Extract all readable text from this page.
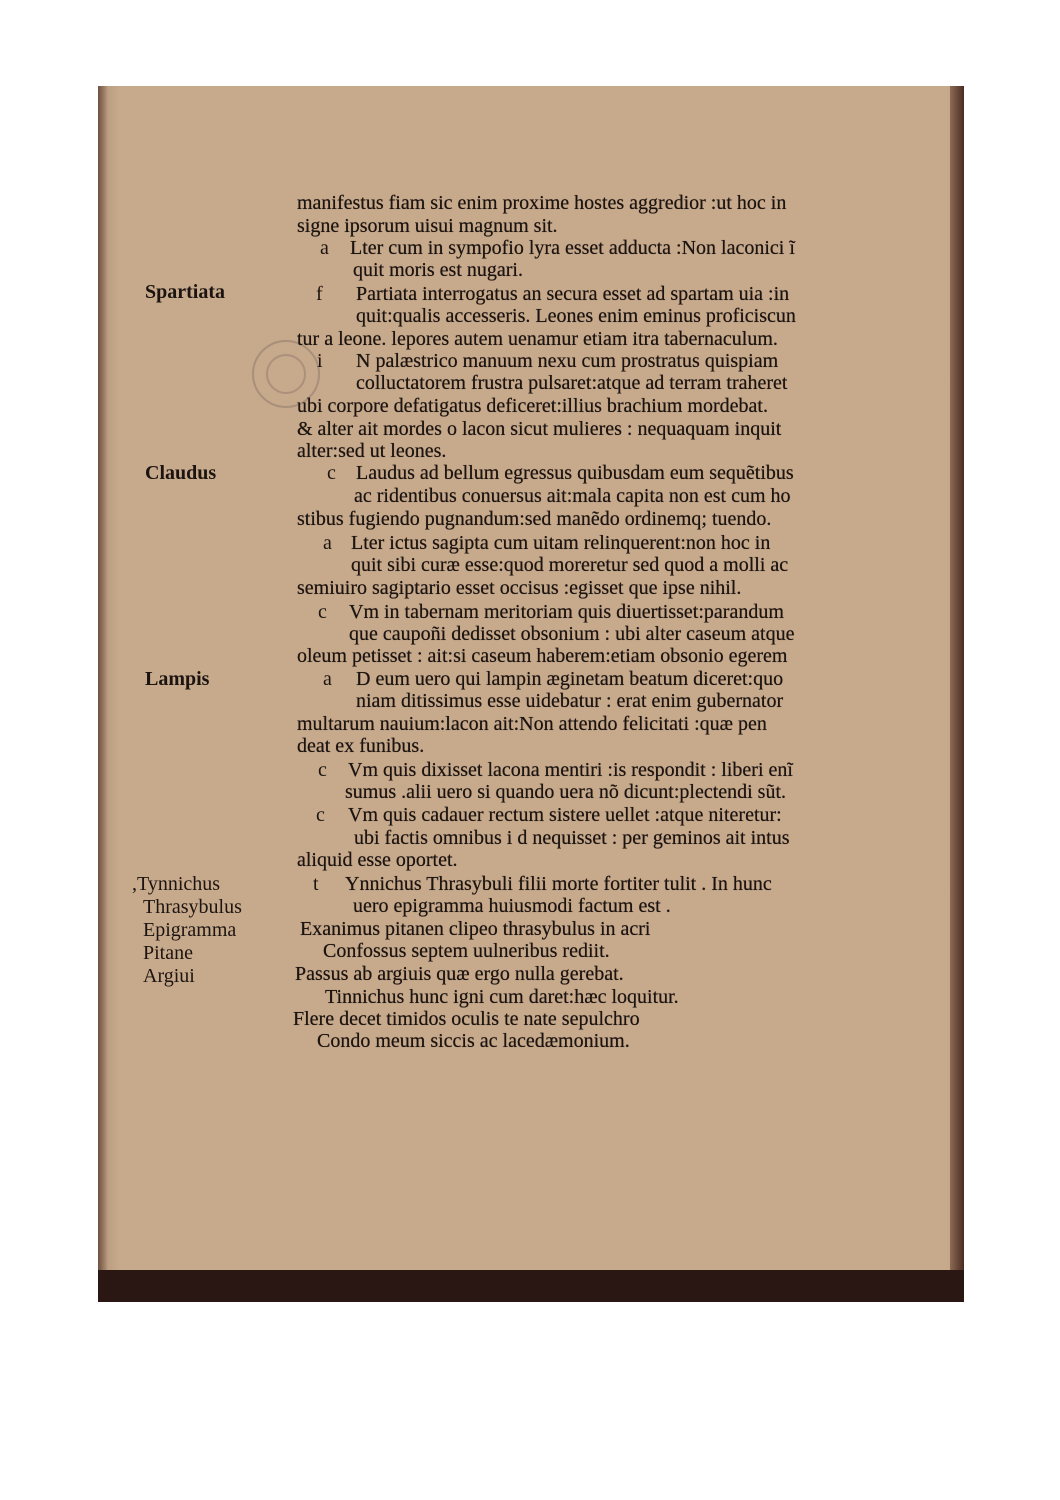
Spartiata
Claudus
Lampis
,Tynnichus
Thrasybulus
Epigramma
Pitane
Argiui
a
f
i
c
a
c
a
c
c
t
manifestus fiam sic enim proxime hostes aggredior :ut hoc in
signe ipsorum uisui magnum sit.
Lter cum in sympofio lyra esset adducta :Non laconici ĩ
quit moris est nugari.
Partiata interrogatus an secura esset ad spartam uia :in
quit:qualis accesseris. Leones enim eminus proficiscun
tur a leone. lepores autem uenamur etiam itra tabernaculum.
N palæstrico manuum nexu cum prostratus quispiam
colluctatorem frustra pulsaret:atque ad terram traheret
ubi corpore defatigatus deficeret:illius brachium mordebat.
& alter ait mordes o lacon sicut mulieres : nequaquam inquit
alter:sed ut leones.
Laudus ad bellum egressus quibusdam eum sequẽtibus
ac ridentibus conuersus ait:mala capita non est cum ho
stibus fugiendo pugnandum:sed manẽdo ordinemq; tuendo.
Lter ictus sagipta cum uitam relinquerent:non hoc in
quit sibi curæ esse:quod moreretur sed quod a molli ac
semiuiro sagiptario esset occisus :egisset que ipse nihil.
Vm in tabernam meritoriam quis diuertisset:parandum
que caupoñi dedisset obsonium : ubi alter caseum atque
oleum petisset : ait:si caseum haberem:etiam obsonio egerem
D eum uero qui lampin æginetam beatum diceret:quo
niam ditissimus esse uidebatur : erat enim gubernator
multarum nauium:lacon ait:Non attendo felicitati :quæ pen
deat ex funibus.
Vm quis dixisset lacona mentiri :is respondit : liberi enĩ
sumus .alii uero si quando uera nõ dicunt:plectendi sũt.
Vm quis cadauer rectum sistere uellet :atque niteretur:
ubi factis omnibus i d nequisset : per geminos ait intus
aliquid esse oportet.
Ynnichus Thrasybuli filii morte fortiter tulit . In hunc
uero epigramma huiusmodi factum est .
Exanimus pitanen clipeo thrasybulus in acri
Confossus septem uulneribus rediit.
Passus ab argiuis quæ ergo nulla gerebat.
Tinnichus hunc igni cum daret:hæc loquitur.
Flere decet timidos oculis te nate sepulchro
Condo meum siccis ac lacedæmonium.
